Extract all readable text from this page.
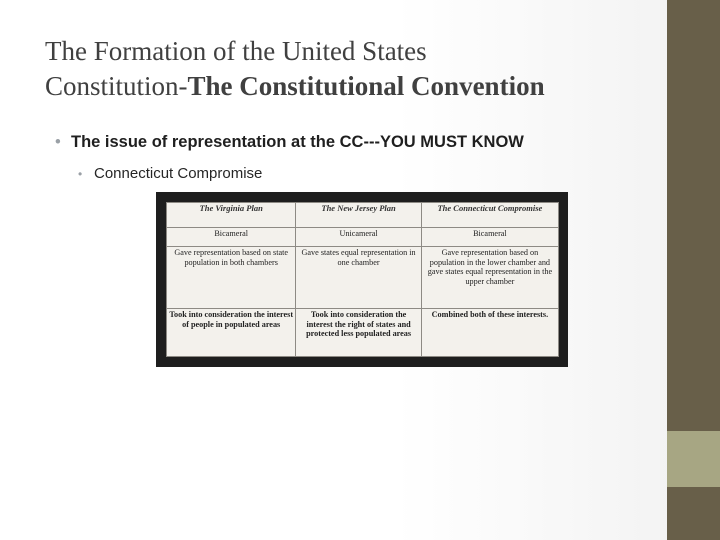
The Formation of the United States
Constitution-The Constitutional Convention
• The issue of representation at the CC---YOU MUST KNOW
• Connecticut Compromise
The Virginia Plan	The New Jersey Plan	The Connecticut Compromise
Bicameral	Unicameral	Bicameral
Gave representation based on state population in both chambers	Gave states equal representation in one chamber	Gave representation based on population in the lower chamber and gave states equal representation in the upper chamber
Took into consideration the interest of people in populated areas	Took into consideration the interest the right of states and protected less populated areas	Combined both of these interests.
